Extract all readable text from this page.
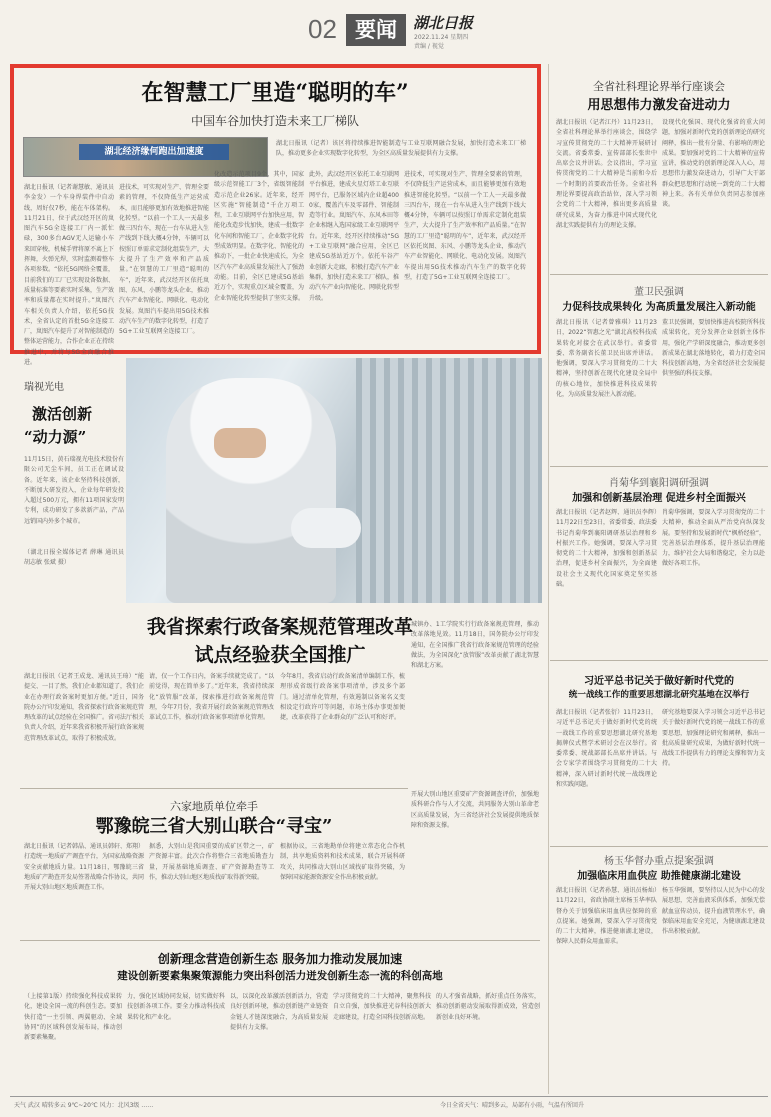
02 要闻	湖北日报
2022.11.24 星期四
责编 / 视觉
在智慧工厂里造“聪明的车”
中国车谷加快打造未来工厂梯队
湖北经济缘何跑出加速度
湖北日报讯（记者）该区将持续推进智能制造与工业互联网融合发展，加快打造未来工厂梯队，推动更多企业实现数字化转型，为全区高质量发展提供有力支撑。
湖北日报讯（记者谢慧敏、通讯员李金发）一个车身焊装件中自动线，周好仅7秒，能在车体架构。11月21日，位于武汉经开区的岚图汽车5G全连接工厂内一派忙碌，300多台AGV无人运输小车来回穿梭，机械手臂将原不离上下挥舞，火弹光焊，实时监测着整车各项参数。“依托5G网络全覆盖，目前我们的工厂已实现设备数据、质量标准等要素实时采集，生产效率和质量都在实时提升。”岚图汽车相关负责人介绍，依托5G技术，全省认定的首批5G全连接工厂，岚图汽车提升了对智能制造的整体运营能力，合作企业正在持续推进中，并将与5G全面融合推进。
进技术，可实现对生产、管理全要素的管理，不仅降低生产运营成本，而且能够更加有效地推进智能化转型。“以前一个工人一天最多做三四台车，现在一台车从进入生产线到下线大概4分钟，车辆可以按照订单需求定制化组装生产，大大提升了生产效率和产品质量。”在智慧的工厂里造“聪明的车”，近年来，武汉经开区依托岚图、东风、小鹏等龙头企业，推动汽车产业智能化、网联化、电动化发展。岚图汽车提出用5G技术推动汽车生产的数字化转型，打造了5G+工业互联网全连接工厂。
化改造示范项目9个，其中，国家级示范智能工厂3个，省级智能制造示范企业26家。近年来，经开区实施“智能制造”千企万项工程，工业互联网平台加快应用，智能化改造步伐加快，建成一批数字化车间和智能工厂，企业数字化转型成效明显。在数字化、智能化的推动下，一批企业快速成长，为全区汽车产业高质量发展注入了强劲动能。目前，全区已建成5G基站近万个，实现重点区域全覆盖，为企业智能化转型提供了坚实支撑。
此外，武汉经开区依托工业互联网平台推进，建成火星灯塔工业互联网平台，已服务区域内企业超4000家，覆盖汽车及零部件、智能制造等行业。岚图汽车、东风本田等企业相继入选国家级工业互联网平台。近年来，经开区持续推动“5G+工业互联网”融合应用，全区已建成5G基站近万个。依托车谷产业创新大走廊，积极打造汽车产业集群，加快打造未来工厂梯队，推动汽车产业向智能化、网联化转型升级。
进技术，可实现对生产、管理全要素的管理，不仅降低生产运营成本，而且能够更加有效地推进智能化转型。“以前一个工人一天最多做三四台车，现在一台车从进入生产线到下线大概4分钟，车辆可以按照订单需求定制化组装生产，大大提升了生产效率和产品质量。”在智慧的工厂里造“聪明的车”，近年来，武汉经开区依托岚图、东风、小鹏等龙头企业，推动汽车产业智能化、网联化、电动化发展。岚图汽车提出用5G技术推动汽车生产的数字化转型，打造了5G+工业互联网全连接工厂。
全省社科理论界举行座谈会
用思想伟力激发奋进动力
湖北日报讯（记者江丹）11月23日，全省社科理论界举行座谈会，围绕学习宣传贯彻党的二十大精神开展研讨交流。省委常委、宣传部部长张世中出席会议并讲话。会议指出，学习宣传贯彻党的二十大精神是当前和今后一个时期的首要政治任务。全省社科理论界要提高政治站位，深入学习领会党的二十大精神，推出更多高质量研究成果，为奋力推进中国式现代化湖北实践提供有力的理论支撑。
设现代化强国、现代化强省的重大问题，加强对新时代党的创新理论的研究阐释，推出一批有分量、有影响的理论成果。要加强对党的二十大精神的宣传宣讲，推动党的创新理论深入人心，用思想伟力激发奋进动力，引导广大干部群众把思想和行动统一到党的二十大精神上来。各有关单位负责同志参加座谈。
董卫民强调
力促科技成果转化 为高质量发展注入新动能
湖北日报讯（记者曾雅琪）11月23日，2022“智惠之光”湖北高校科技成果转化对接会在武汉举行。省委常委、常务副省长董卫民出席并讲话。他强调，要深入学习贯彻党的二十大精神，坚持创新在现代化建设全局中的核心地位，加快推进科技成果转化，为高质量发展注入新动能。
董卫民强调，要加快推进高校院所科技成果转化，充分发挥企业创新主体作用，强化产学研深度融合，推动更多创新成果在湖北落地转化，着力打造全国科技创新高地，为全省经济社会发展提供坚强的科技支撑。
肖菊华到襄阳调研强调
加强和创新基层治理 促进乡村全面振兴
湖北日报讯（记者赵辉、通讯员李辉）11月22日至23日，省委常委、政法委书记肖菊华到襄阳调研基层治理和乡村振兴工作。她强调，要深入学习贯彻党的二十大精神，加强和创新基层治理，促进乡村全面振兴，为全面建设社会主义现代化国家奠定坚实基础。
肖菊华强调，要深入学习贯彻党的二十大精神，推动全面从严治党向纵深发展。要坚持和发展新时代“枫桥经验”，完善基层治理体系，提升基层治理能力，维护社会大局和谐稳定，全力以赴做好各项工作。
习近平总书记关于做好新时代党的
统一战线工作的重要思想湖北研究基地在汉举行
湖北日报讯（记者张衍）11月23日，习近平总书记关于做好新时代党的统一战线工作的重要思想湖北研究基地揭牌仪式暨学术研讨会在汉举行。省委常委、统战部部长出席并讲话。与会专家学者围绕学习贯彻党的二十大精神，深入研讨新时代统一战线理论和实践问题。
研究基地要深入学习领会习近平总书记关于做好新时代党的统一战线工作的重要思想，加强理论研究和阐释，推出一批高质量研究成果，为做好新时代统一战线工作提供有力的理论支撑和智力支持。
杨玉华督办重点提案强调
加强临床用血供应 助推健康湖北建设
湖北日报讯（记者孙慧、通讯员杨灿）11月22日，省政协副主席杨玉华率队督办关于加强临床用血供应保障的重点提案。她强调，要深入学习贯彻党的二十大精神，推进健康湖北建设，保障人民群众用血需求。
杨玉华强调，要坚持以人民为中心的发展思想，完善血液采供体系，加强无偿献血宣传动员，提升血液管理水平，确保临床用血安全充足，为健康湖北建设作出积极贡献。
瑞视光电
激活创新
“动力源”
11月15日，黄石瑞视光电技术股份有限公司无尘车间，员工正在调试设备。近年来，该企业坚持科技创新，不断加大研发投入，企业每年研发投入超过500万元，拥有11项国家发明专利，成功研发了多款新产品，产品远销国内外多个城市。
（湖北日报全媒体记者 薛琳 通讯员 胡志敏 张斌 摄）
我省探索行政备案规范管理改革
试点经验获全国推广
湖北日报讯（记者王成龙、通讯员王琦）“能提交、一目了然，我们企业都知道了，我们企业在办理行政备案时更加方便。”近日，国务院办公厅印发通知，我省探索行政备案规范管理改革的试点经验在全国推广。省司法厅相关负责人介绍，近年来我省积极开展行政备案规范管理改革试点，取得了积极成效。
请，仅一个工作日内，备案手续就完成了。“以前觉得，现在简单多了。”近年来，我省持续深化“放管服”改革，探索推进行政备案规范管理，今年7月份，我省开展行政备案规范管理改革试点工作，推动行政备案事项清单化管理。
今年8月，我省启动行政备案清单编制工作，梳理形成省级行政备案事项清单，涉及多个部门。通过清单化管理，有效遏制以备案名义变相设定行政许可等问题，市场主体办事更加便捷，改革获得了企业群众的广泛认可和好评。
城镇办、1工学院实行行政备案规范管理，推动改革落地见效。11月18日，国务院办公厅印发通知，在全国推广我省行政备案规范管理的经验做法，为全国深化“放管服”改革贡献了湖北智慧和湖北方案。
六家地质单位牵手
鄂豫皖三省大别山联合“寻宝”
湖北日报讯（记者韩晶、通讯员韩轩、郑翔）打造统一地质矿产调查平台，为国家战略资源安全贡献地质力量。11月18日，鄂豫皖三省地质矿产勘查开发局签署战略合作协议，共同开展大别山地区地质调查工作。
据悉，大别山是我国重要的成矿区带之一，矿产资源丰富。此次合作将整合三省地质勘查力量，开展基础地质调查、矿产资源勘查等工作，推动大别山地区地质找矿取得新突破。
根据协议，三省地勘单位将建立常态化合作机制，共享地质资料和技术成果，联合开展科研攻关，共同推动大别山区域找矿取得突破，为保障国家能源资源安全作出积极贡献。
开展大别山地区重要矿产资源调查评价，加强地质科研合作与人才交流，共同服务大别山革命老区高质量发展，为三省经济社会发展提供地质保障和资源支撑。
创新理念营造创新生态 服务加力推动发展加速
建设创新要素集聚策源能力突出科创活力迸发创新生态一流的科创高地
（上接第1版）持续强化科技成果转化，建设全国一流的科创生态。要加快打造“一主引领、两翼驱动、全域协同”的区域科创发展布局，推动创新要素集聚。
力，强化区域协同发展，切实做好科技创新各项工作。要全力推动科技成果转化和产业化。
以，以深化改革激活创新活力，营造良好创新环境，推动创新链产业链资金链人才链深度融合，为高质量发展提供有力支撑。
学习贯彻党的二十大精神，聚焦科技自立自强，加快推进光谷科技创新大走廊建设，打造全国科技创新高地。
的人才强省战略，抓好重点任务落实，推动创新驱动发展取得新成效，营造创新创业良好环境。
天气 武汉 晴转多云 9℃~20℃ 风力：北风3级 ……	今日全省天气：晴到多云，局部有小雨，气温有所回升
